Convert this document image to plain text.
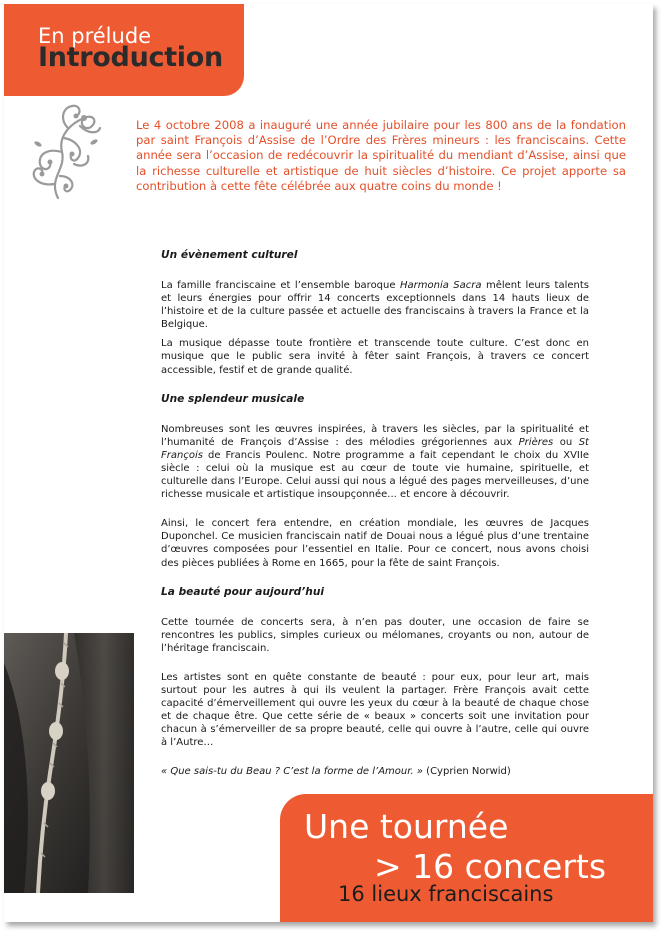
En prélude
Introduction

Le 4 octobre 2008 a inauguré une année jubilaire pour les 800 ans de la fondation par saint François d’Assise de l’Ordre des Frères mineurs : les franciscains. Cette année sera l’occasion de redécouvrir la spiritualité du mendiant d’Assise, ainsi que la richesse culturelle et artistique de huit siècles d’histoire. Ce projet apporte sa contribution à cette fête célébrée aux quatre coins du monde !

Un évènement culturel

La famille franciscaine et l’ensemble baroque Harmonia Sacra mêlent leurs talents et leurs énergies pour offrir 14 concerts exceptionnels dans 14 hauts lieux de l’histoire et de la culture passée et actuelle des franciscains à travers la France et la Belgique.

La musique dépasse toute frontière et transcende toute culture. C’est donc en musique que le public sera invité à fêter saint François, à travers ce concert accessible, festif et de grande qualité.

Une splendeur musicale

Nombreuses sont les œuvres inspirées, à travers les siècles, par la spiritualité et l’humanité de François d’Assise : des mélodies grégoriennes aux Prières ou St François de Francis Poulenc. Notre programme a fait cependant le choix du XVIIe siècle : celui où la musique est au cœur de toute vie humaine, spirituelle, et culturelle dans l’Europe. Celui aussi qui nous a légué des pages merveilleuses, d’une richesse musicale et artistique insoupçonnée... et encore à découvrir.

Ainsi, le concert fera entendre, en création mondiale, les œuvres de Jacques Duponchel. Ce musicien franciscain natif de Douai nous a légué plus d’une trentaine d’œuvres composées pour l’essentiel en Italie. Pour ce concert, nous avons choisi des pièces publiées à Rome en 1665, pour la fête de saint François.

La beauté pour aujourd’hui

Cette tournée de concerts sera, à n’en pas douter, une occasion de faire se rencontres les publics, simples curieux ou mélomanes, croyants ou non, autour de l’héritage franciscain.

Les artistes sont en quête constante de beauté : pour eux, pour leur art, mais surtout pour les autres à qui ils veulent la partager. Frère François avait cette capacité d’émerveillement qui ouvre les yeux du cœur à la beauté de chaque chose et de chaque être. Que cette série de « beaux » concerts soit une invitation pour chacun à s’émerveiller de sa propre beauté, celle qui ouvre à l’autre, celle qui ouvre à l’Autre…

« Que sais-tu du Beau ? C’est la forme de l’Amour. » (Cyprien Norwid)

Une tournée
> 16 concerts
16 lieux franciscains
